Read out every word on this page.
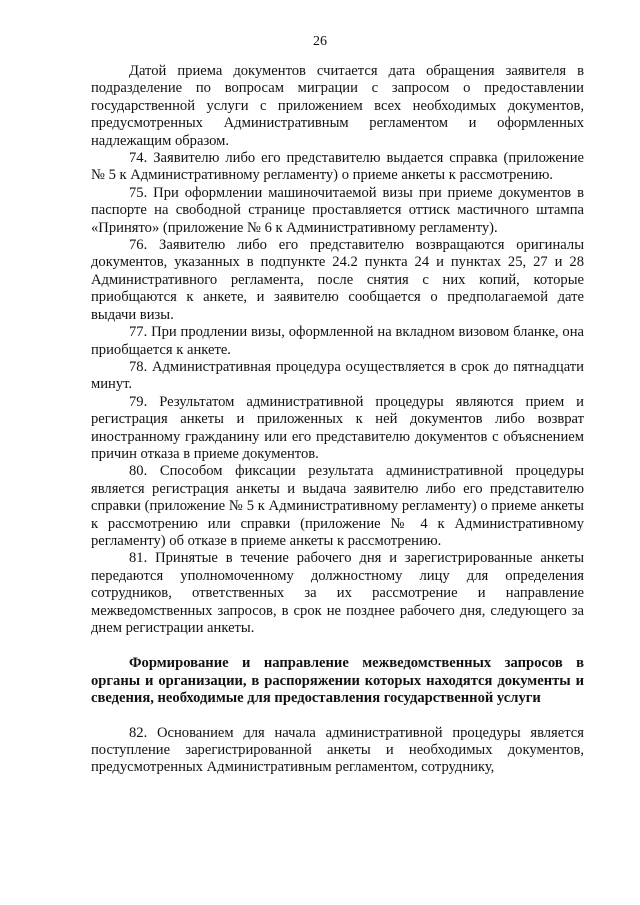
26

Датой приема документов считается дата обращения заявителя в подразделение по вопросам миграции с запросом о предоставлении государственной услуги с приложением всех необходимых документов, предусмотренных Административным регламентом и оформленных надлежащим образом.

74. Заявителю либо его представителю выдается справка (приложение № 5 к Административному регламенту) о приеме анкеты к рассмотрению.

75. При оформлении машиночитаемой визы при приеме документов в паспорте на свободной странице проставляется оттиск мастичного штампа «Принято» (приложение № 6 к Административному регламенту).

76. Заявителю либо его представителю возвращаются оригиналы документов, указанных в подпункте 24.2 пункта 24 и пунктах 25, 27 и 28 Административного регламента, после снятия с них копий, которые приобщаются к анкете, и заявителю сообщается о предполагаемой дате выдачи визы.

77. При продлении визы, оформленной на вкладном визовом бланке, она приобщается к анкете.

78. Административная процедура осуществляется в срок до пятнадцати минут.

79. Результатом административной процедуры являются прием и регистрация анкеты и приложенных к ней документов либо возврат иностранному гражданину или его представителю документов с объяснением причин отказа в приеме документов.

80. Способом фиксации результата административной процедуры является регистрация анкеты и выдача заявителю либо его представителю справки (приложение № 5 к Административному регламенту) о приеме анкеты к рассмотрению или справки (приложение № 4 к Административному регламенту) об отказе в приеме анкеты к рассмотрению.

81. Принятые в течение рабочего дня и зарегистрированные анкеты передаются уполномоченному должностному лицу для определения сотрудников, ответственных за их рассмотрение и направление межведомственных запросов, в срок не позднее рабочего дня, следующего за днем регистрации анкеты.

Формирование и направление межведомственных запросов в органы и организации, в распоряжении которых находятся документы и сведения, необходимые для предоставления государственной услуги

82. Основанием для начала административной процедуры является поступление зарегистрированной анкеты и необходимых документов, предусмотренных Административным регламентом, сотруднику,
